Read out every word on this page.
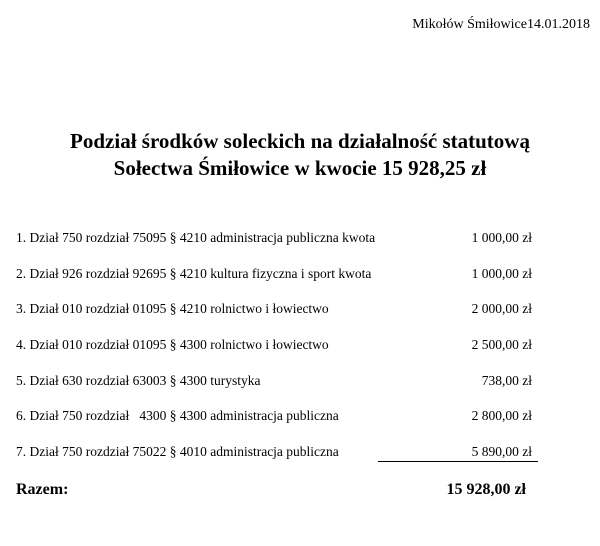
Mikołów Śmiłowice14.01.2018
Podział środków soleckich na działalność statutową
Sołectwa Śmiłowice w kwocie 15 928,25 zł
1. Dział 750 rozdział 75095 § 4210 administracja publiczna kwota	1 000,00 zł
2. Dział 926 rozdział 92695 § 4210 kultura fizyczna i sport kwota	1 000,00 zł
3. Dział 010 rozdział 01095 § 4210 rolnictwo i łowiectwo	2 000,00 zł
4. Dział 010 rozdział 01095 § 4300 rolnictwo i łowiectwo	2 500,00 zł
5. Dział 630 rozdział 63003 § 4300 turystyka	738,00 zł
6. Dział 750 rozdział   4300 § 4300 administracja publiczna	2 800,00 zł
7. Dział 750 rozdział 75022 § 4010 administracja publiczna	5 890,00 zł
Razem:	15 928,00 zł
